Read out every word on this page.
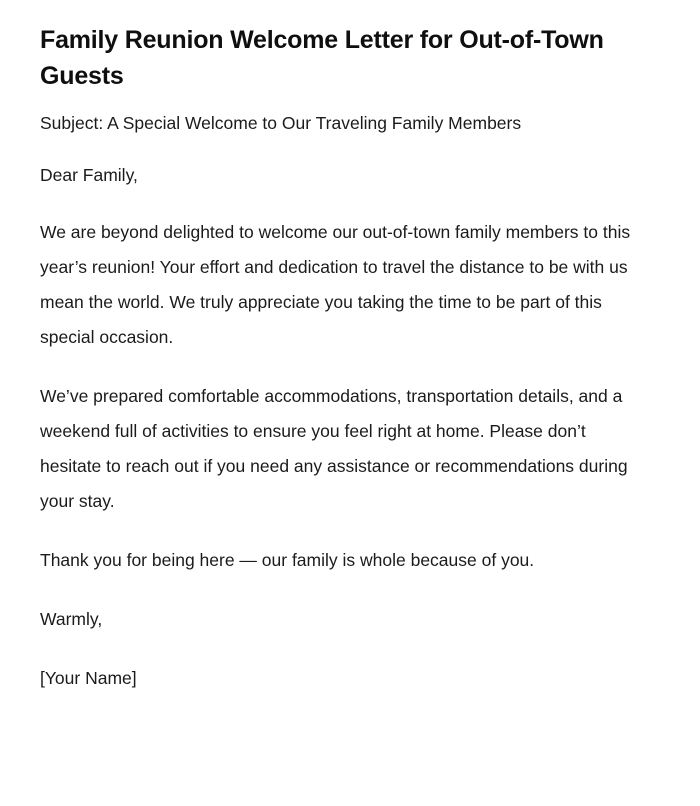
Family Reunion Welcome Letter for Out-of-Town Guests

Subject: A Special Welcome to Our Traveling Family Members

Dear Family,

We are beyond delighted to welcome our out-of-town family members to this year’s reunion! Your effort and dedication to travel the distance to be with us mean the world. We truly appreciate you taking the time to be part of this special occasion.

We’ve prepared comfortable accommodations, transportation details, and a weekend full of activities to ensure you feel right at home. Please don’t hesitate to reach out if you need any assistance or recommendations during your stay.

Thank you for being here — our family is whole because of you.

Warmly,

[Your Name]
